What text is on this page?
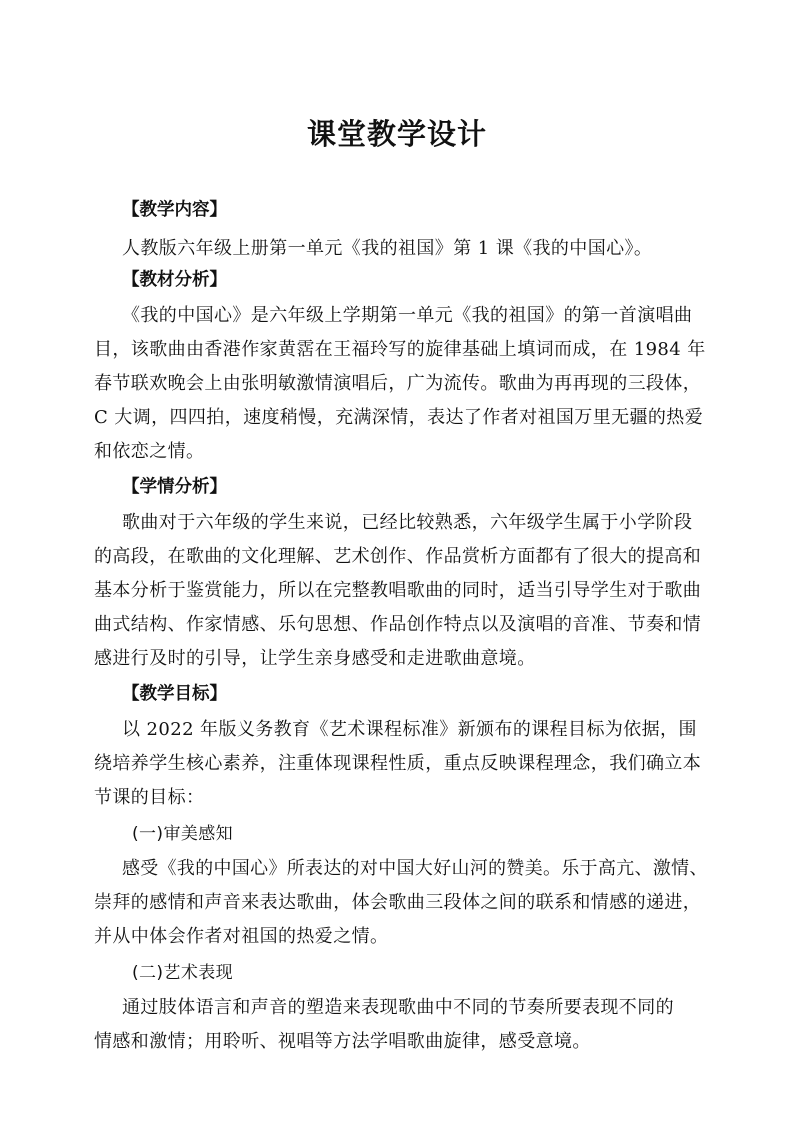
课堂教学设计

【教学内容】

人教版六年级上册第一单元《我的祖国》第 1 课《我的中国心》。

【教材分析】

《我的中国心》是六年级上学期第一单元《我的祖国》的第一首演唱曲

目，该歌曲由香港作家黄霑在王福玲写的旋律基础上填词而成，在 1984 年

春节联欢晚会上由张明敏激情演唱后，广为流传。歌曲为再再现的三段体，

C 大调，四四拍，速度稍慢，充满深情，表达了作者对祖国万里无疆的热爱

和依恋之情。

【学情分析】

歌曲对于六年级的学生来说，已经比较熟悉，六年级学生属于小学阶段

的高段，在歌曲的文化理解、艺术创作、作品赏析方面都有了很大的提高和

基本分析于鉴赏能力，所以在完整教唱歌曲的同时，适当引导学生对于歌曲

曲式结构、作家情感、乐句思想、作品创作特点以及演唱的音准、节奏和情

感进行及时的引导，让学生亲身感受和走进歌曲意境。

【教学目标】

以 2022 年版义务教育《艺术课程标准》新颁布的课程目标为依据，围

绕培养学生核心素养，注重体现课程性质，重点反映课程理念，我们确立本

节课的目标：

(一)审美感知

感受《我的中国心》所表达的对中国大好山河的赞美。乐于高亢、激情、

崇拜的感情和声音来表达歌曲，体会歌曲三段体之间的联系和情感的递进，

并从中体会作者对祖国的热爱之情。

(二)艺术表现

通过肢体语言和声音的塑造来表现歌曲中不同的节奏所要表现不同的

情感和激情；用聆听、视唱等方法学唱歌曲旋律，感受意境。
